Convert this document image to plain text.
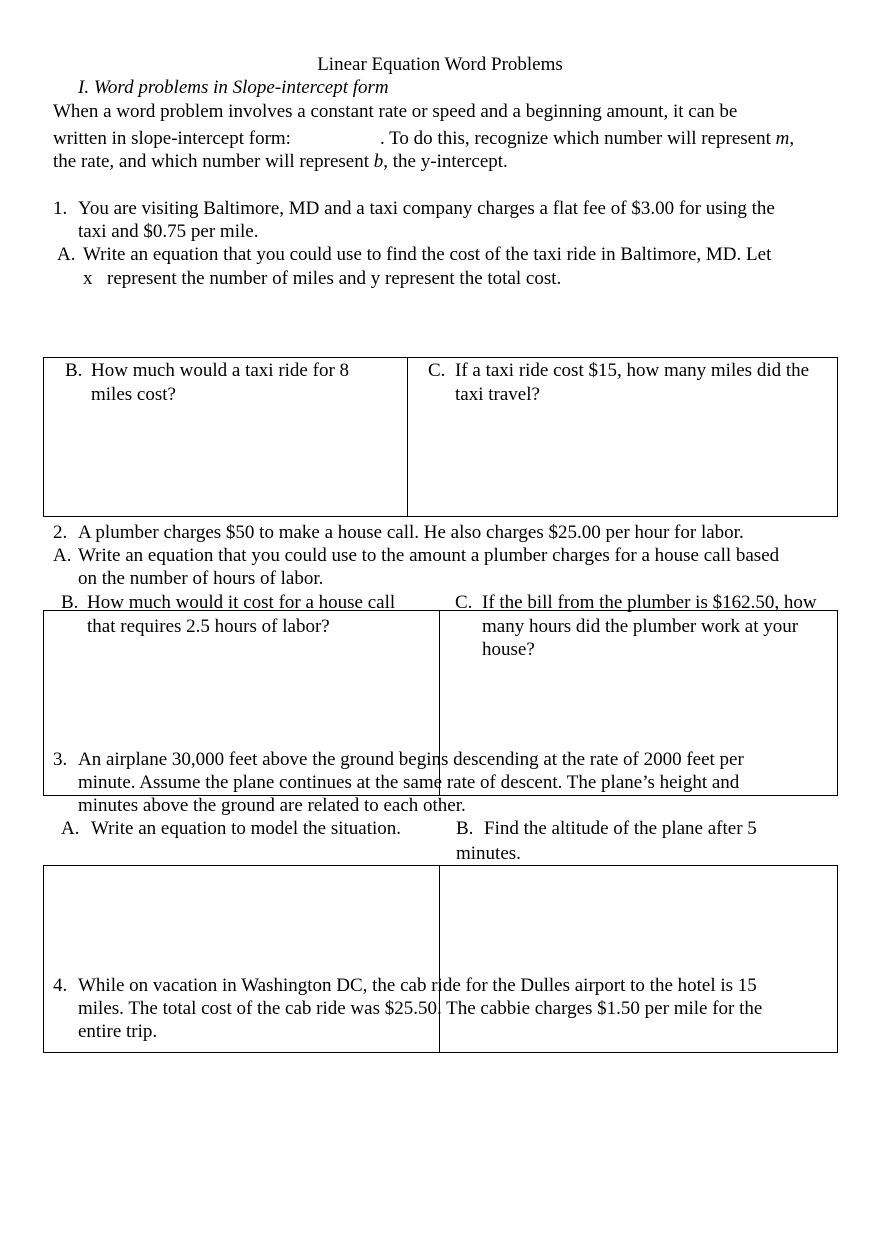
Linear Equation Word Problems
I. Word problems in Slope-intercept form
When a word problem involves a constant rate or speed and a beginning amount, it can be
written in slope-intercept form:	. To do this, recognize which number will represent m,
the rate, and which number will represent b, the y-intercept.
1. You are visiting Baltimore, MD and a taxi company charges a flat fee of $3.00 for using the
taxi and $0.75 per mile.
A. Write an equation that you could use to find the cost of the taxi ride in Baltimore, MD. Let
x represent the number of miles and y represent the total cost.
B. How much would a taxi ride for 8
miles cost?
C. If a taxi ride cost $15, how many miles did the
taxi travel?
2. A plumber charges $50 to make a house call. He also charges $25.00 per hour for labor.
A. Write an equation that you could use to the amount a plumber charges for a house call based
on the number of hours of labor.
B. How much would it cost for a house call
that requires 2.5 hours of labor?
C. If the bill from the plumber is $162.50, how
many hours did the plumber work at your
house?
3. An airplane 30,000 feet above the ground begins descending at the rate of 2000 feet per
minute. Assume the plane continues at the same rate of descent. The plane’s height and
minutes above the ground are related to each other.
A. Write an equation to model the situation.	B. Find the altitude of the plane after 5
minutes.
4. While on vacation in Washington DC, the cab ride for the Dulles airport to the hotel is 15
miles. The total cost of the cab ride was $25.50. The cabbie charges $1.50 per mile for the
entire trip.
